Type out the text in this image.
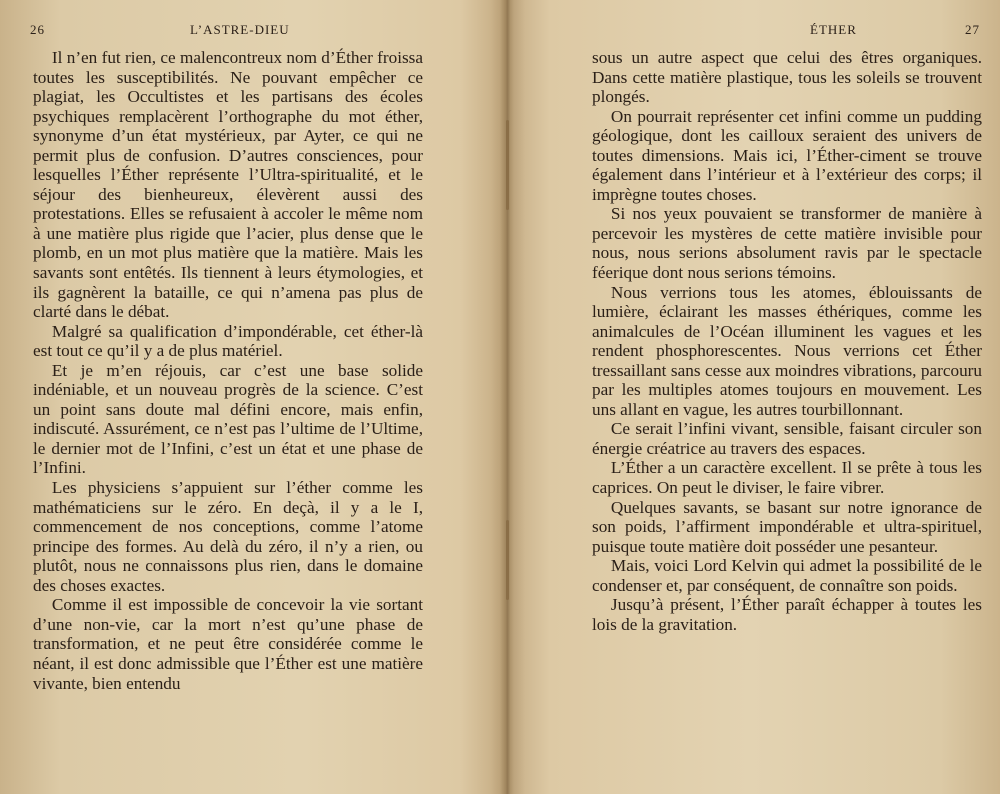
26	L’ASTRE-DIEU

Il n’en fut rien, ce malencontreux nom d’Éther froissa toutes les susceptibilités. Ne pouvant empêcher ce plagiat, les Occultistes et les partisans des écoles psychiques remplacèrent l’orthographe du mot éther, synonyme d’un état mystérieux, par Ayter, ce qui ne permit plus de confusion. D’autres consciences, pour lesquelles l’Éther représente l’Ultra-spiritualité, et le séjour des bienheureux, élevèrent aussi des protestations. Elles se refusaient à accoler le même nom à une matière plus rigide que l’acier, plus dense que le plomb, en un mot plus matière que la matière. Mais les savants sont entêtés. Ils tiennent à leurs étymologies, et ils gagnèrent la bataille, ce qui n’amena pas plus de clarté dans le débat.

Malgré sa qualification d’impondérable, cet éther-là est tout ce qu’il y a de plus matériel.

Et je m’en réjouis, car c’est une base solide indéniable, et un nouveau progrès de la science. C’est un point sans doute mal défini encore, mais enfin, indiscuté. Assurément, ce n’est pas l’ultime de l’Ultime, le dernier mot de l’Infini, c’est un état et une phase de l’Infini.

Les physiciens s’appuient sur l’éther comme les mathématiciens sur le zéro. En deçà, il y a le I, commencement de nos conceptions, comme l’atome principe des formes. Au delà du zéro, il n’y a rien, ou plutôt, nous ne connaissons plus rien, dans le domaine des choses exactes.

Comme il est impossible de concevoir la vie sortant d’une non-vie, car la mort n’est qu’une phase de transformation, et ne peut être considérée comme le néant, il est donc admissible que l’Éther est une matière vivante, bien entendu

ÉTHER	27

sous un autre aspect que celui des êtres organiques. Dans cette matière plastique, tous les soleils se trouvent plongés.

On pourrait représenter cet infini comme un pudding géologique, dont les cailloux seraient des univers de toutes dimensions. Mais ici, l’Éther-ciment se trouve également dans l’intérieur et à l’extérieur des corps; il imprègne toutes choses.

Si nos yeux pouvaient se transformer de manière à percevoir les mystères de cette matière invisible pour nous, nous serions absolument ravis par le spectacle féerique dont nous serions témoins.

Nous verrions tous les atomes, éblouissants de lumière, éclairant les masses éthériques, comme les animalcules de l’Océan illuminent les vagues et les rendent phosphorescentes. Nous verrions cet Éther tressaillant sans cesse aux moindres vibrations, parcouru par les multiples atomes toujours en mouvement. Les uns allant en vague, les autres tourbillonnant.

Ce serait l’infini vivant, sensible, faisant circuler son énergie créatrice au travers des espaces.

L’Éther a un caractère excellent. Il se prête à tous les caprices. On peut le diviser, le faire vibrer.

Quelques savants, se basant sur notre ignorance de son poids, l’affirment impondérable et ultra-spirituel, puisque toute matière doit posséder une pesanteur.

Mais, voici Lord Kelvin qui admet la possibilité de le condenser et, par conséquent, de connaître son poids.

Jusqu’à présent, l’Éther paraît échapper à toutes les lois de la gravitation.
